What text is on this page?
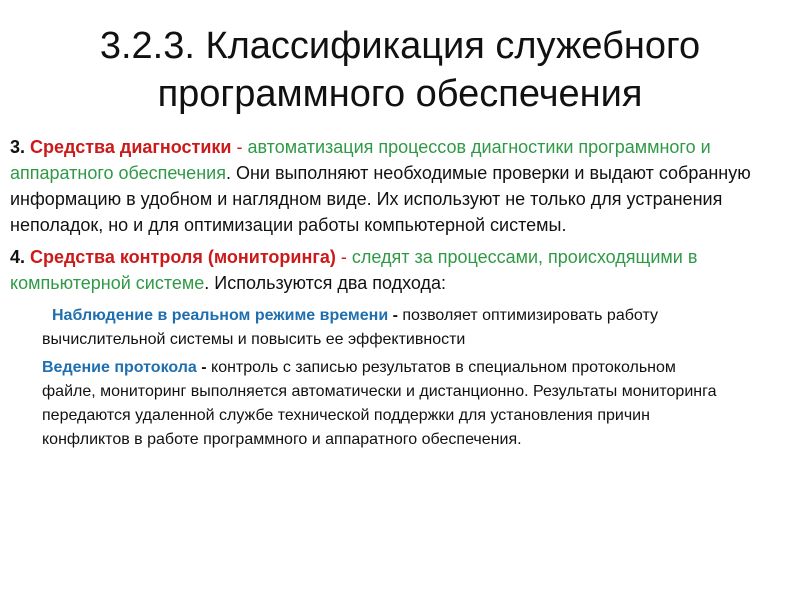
3.2.3. Классификация служебного
программного обеспечения

3. Средства диагностики - автоматизация процессов диагностики программного и аппаратного обеспечения. Они выполняют необходимые проверки и выдают собранную информацию в удобном и наглядном виде. Их используют не только для устранения неполадок, но и для оптимизации работы компьютерной системы.

4. Средства контроля (мониторинга) - следят за процессами, происходящими в компьютерной системе. Используются два подхода:

Наблюдение в реальном режиме времени - позволяет оптимизировать работу вычислительной системы и повысить ее эффективности

Ведение протокола - контроль с записью результатов в специальном протокольном файле, мониторинг выполняется автоматически и дистанционно. Результаты мониторинга передаются удаленной службе технической поддержки для установления причин конфликтов в работе программного и аппаратного обеспечения.
